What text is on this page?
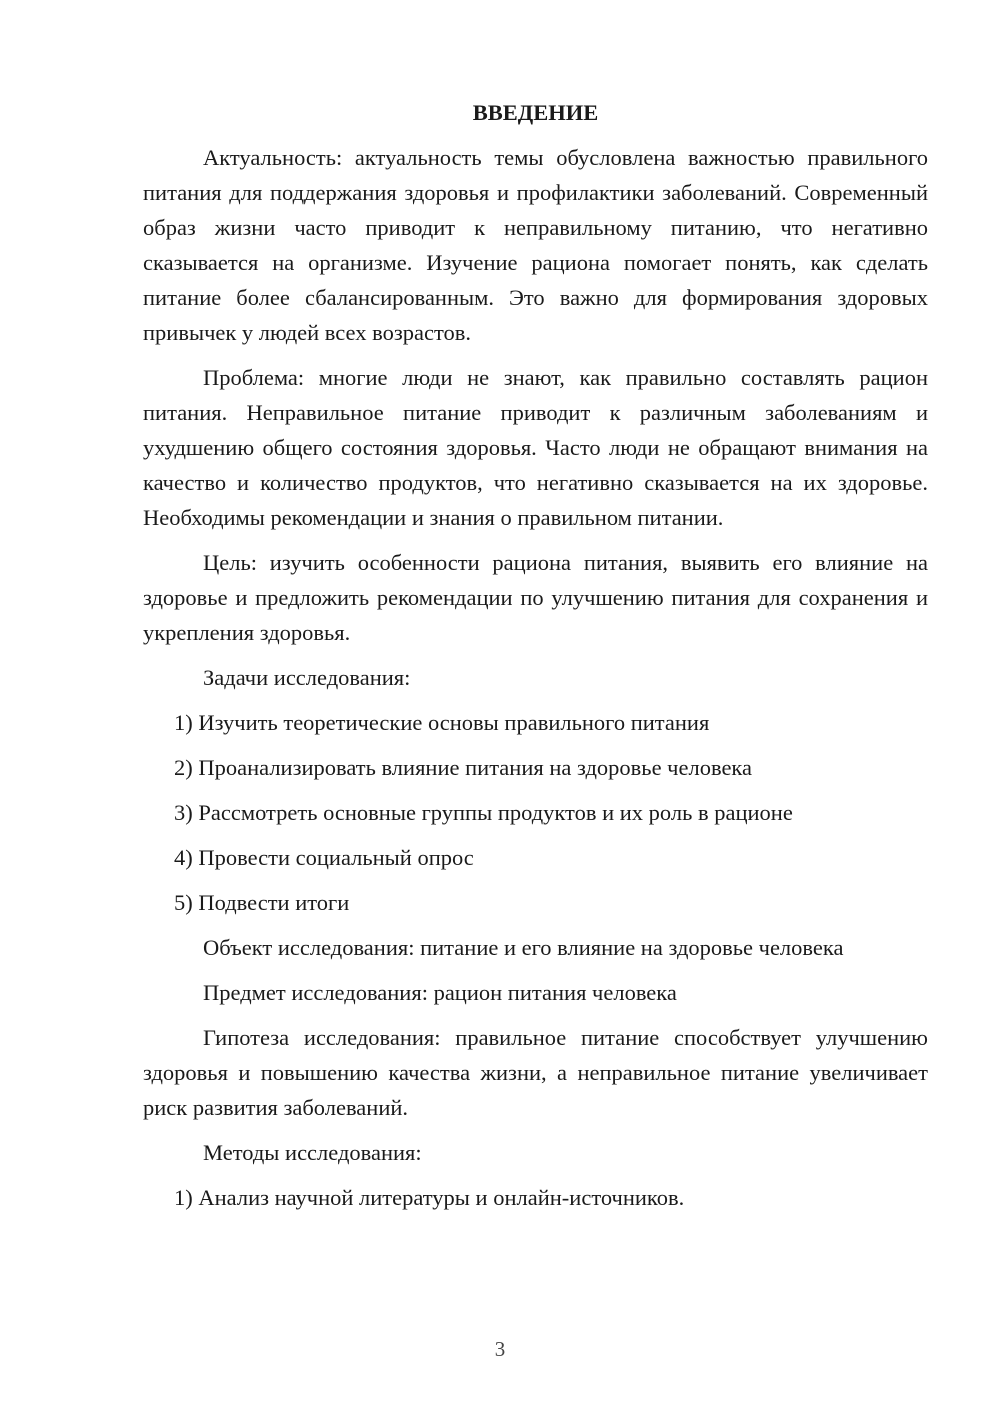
ВВЕДЕНИЕ

Актуальность: актуальность темы обусловлена важностью правильного питания для поддержания здоровья и профилактики заболеваний. Современный образ жизни часто приводит к неправильному питанию, что негативно сказывается на организме. Изучение рациона помогает понять, как сделать питание более сбалансированным. Это важно для формирования здоровых привычек у людей всех возрастов.

Проблема: многие люди не знают, как правильно составлять рацион питания. Неправильное питание приводит к различным заболеваниям и ухудшению общего состояния здоровья. Часто люди не обращают внимания на качество и количество продуктов, что негативно сказывается на их здоровье. Необходимы рекомендации и знания о правильном питании.

Цель: изучить особенности рациона питания, выявить его влияние на здоровье и предложить рекомендации по улучшению питания для сохранения и укрепления здоровья.

Задачи исследования:
1) Изучить теоретические основы правильного питания
2) Проанализировать влияние питания на здоровье человека
3) Рассмотреть основные группы продуктов и их роль в рационе
4) Провести социальный опрос
5) Подвести итоги
Объект исследования: питание и его влияние на здоровье человека
Предмет исследования: рацион питания человека

Гипотеза исследования: правильное питание способствует улучшению здоровья и повышению качества жизни, а неправильное питание увеличивает риск развития заболеваний.

Методы исследования:
1) Анализ научной литературы и онлайн-источников.
3
